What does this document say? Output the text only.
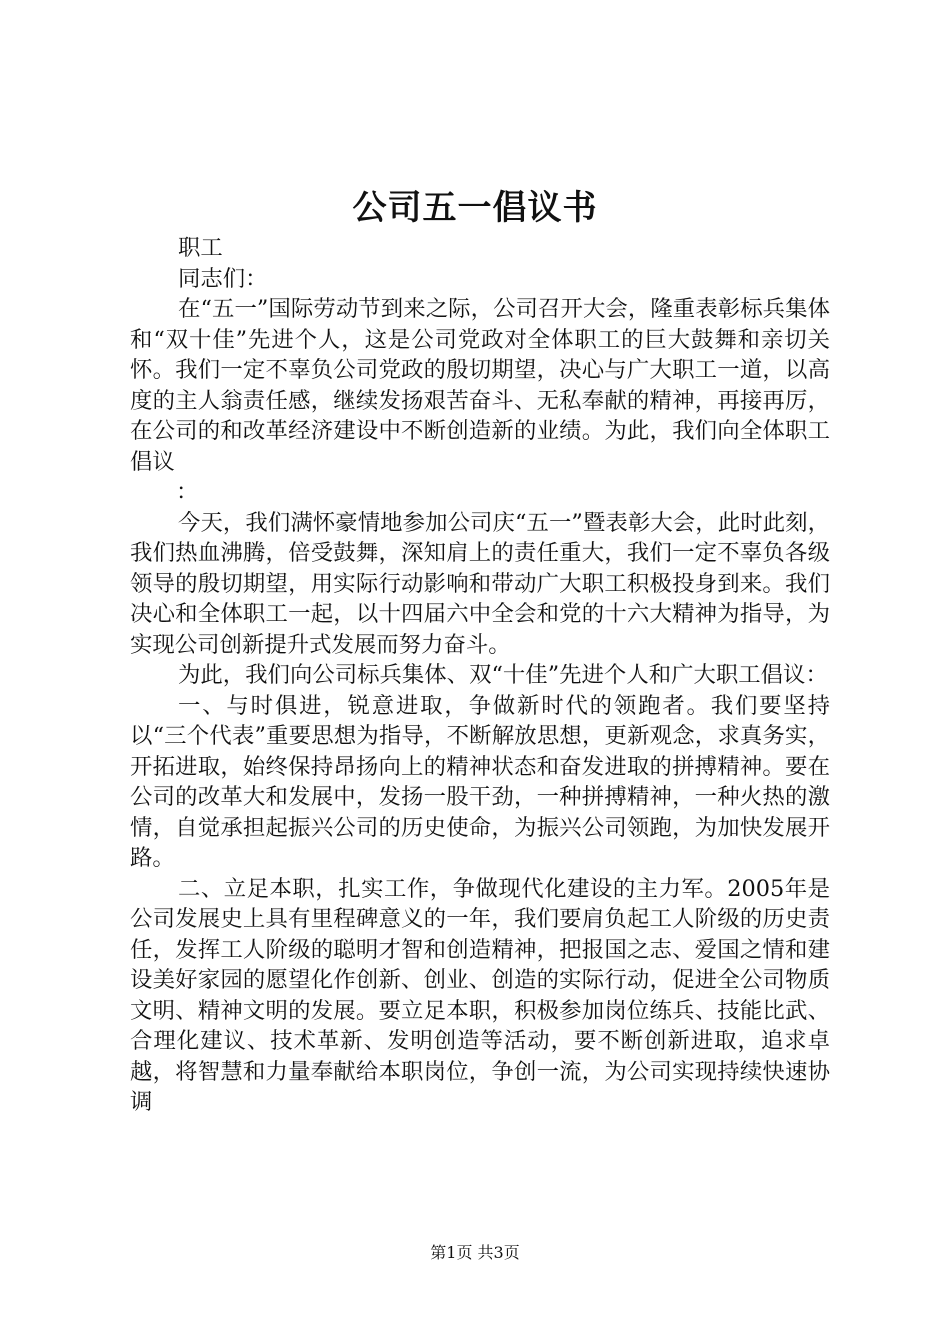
公司五一倡议书

职工

同志们：

在“五一”国际劳动节到来之际，公司召开大会，隆重表彰标兵集体和“双十佳”先进个人，这是公司党政对全体职工的巨大鼓舞和亲切关怀。我们一定不辜负公司党政的殷切期望，决心与广大职工一道，以高度的主人翁责任感，继续发扬艰苦奋斗、无私奉献的精神，再接再厉，在公司的和改革经济建设中不断创造新的业绩。为此，我们向全体职工倡议

：

今天，我们满怀豪情地参加公司庆“五一”暨表彰大会，此时此刻，我们热血沸腾，倍受鼓舞，深知肩上的责任重大，我们一定不辜负各级领导的殷切期望，用实际行动影响和带动广大职工积极投身到来。我们决心和全体职工一起，以十四届六中全会和党的十六大精神为指导，为实现公司创新提升式发展而努力奋斗。

为此，我们向公司标兵集体、双“十佳”先进个人和广大职工倡议：

一、与时俱进，锐意进取，争做新时代的领跑者。我们要坚持以“三个代表”重要思想为指导，不断解放思想，更新观念，求真务实，开拓进取，始终保持昂扬向上的精神状态和奋发进取的拼搏精神。要在公司的改革大和发展中，发扬一股干劲，一种拼搏精神，一种火热的激情，自觉承担起振兴公司的历史使命，为振兴公司领跑，为加快发展开路。

二、立足本职，扎实工作，争做现代化建设的主力军。2005年是公司发展史上具有里程碑意义的一年，我们要肩负起工人阶级的历史责任，发挥工人阶级的聪明才智和创造精神，把报国之志、爱国之情和建设美好家园的愿望化作创新、创业、创造的实际行动，促进全公司物质文明、精神文明的发展。要立足本职，积极参加岗位练兵、技能比武、合理化建议、技术革新、发明创造等活动，要不断创新进取，追求卓越，将智慧和力量奉献给本职岗位，争创一流，为公司实现持续快速协调

第1页 共3页
